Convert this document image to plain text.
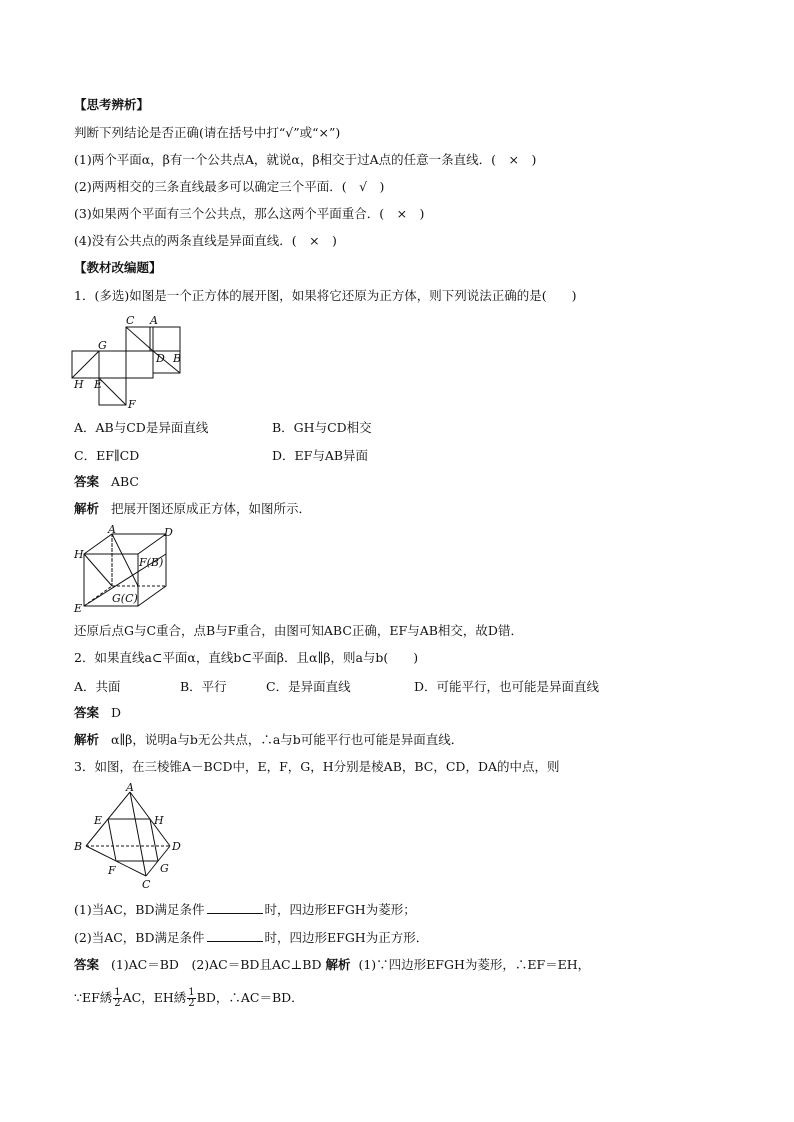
【思考辨析】
判断下列结论是否正确(请在括号中打“√”或“×”)
(1)两个平面α，β有一个公共点A，就说α，β相交于过A点的任意一条直线．(　×　)
(2)两两相交的三条直线最多可以确定三个平面．(　√　)
(3)如果两个平面有三个公共点，那么这两个平面重合．(　×　)
(4)没有公共点的两条直线是异面直线．(　×　)
【教材改编题】
1．(多选)如图是一个正方体的展开图，如果将它还原为正方体，则下列说法正确的是(　　)
C A
G
D B
H E
F
A．AB与CD是异面直线	B．GH与CD相交
C．EF∥CD	D．EF与AB异面
答案 ABC
解析 把展开图还原成正方体，如图所示．
A	D
H
F(B)
E
G(C)
还原后点G与C重合，点B与F重合，由图可知ABC正确，EF与AB相交，故D错．
2．如果直线a⊂平面α，直线b⊂平面β．且α∥β，则a与b(　　)
A．共面	B．平行	C．是异面直线	D．可能平行，也可能是异面直线
答案 D
解析 α∥β，说明a与b无公共点，∴a与b可能平行也可能是异面直线．
3．如图，在三棱锥A－BCD中，E，F，G，H分别是棱AB，BC，CD，DA的中点，则
A
E	H
B	D
F	G
C
(1)当AC，BD满足条件	时，四边形EFGH为菱形；
(2)当AC，BD满足条件	时，四边形EFGH为正方形．
答案 (1)AC＝BD　(2)AC＝BD且AC⊥BD 解析 (1)∵四边形EFGH为菱形，∴EF＝EH，
∵EF綉 $\frac{1}{2}$ AC，EH綉 $\frac{1}{2}$ BD，∴AC＝BD．
